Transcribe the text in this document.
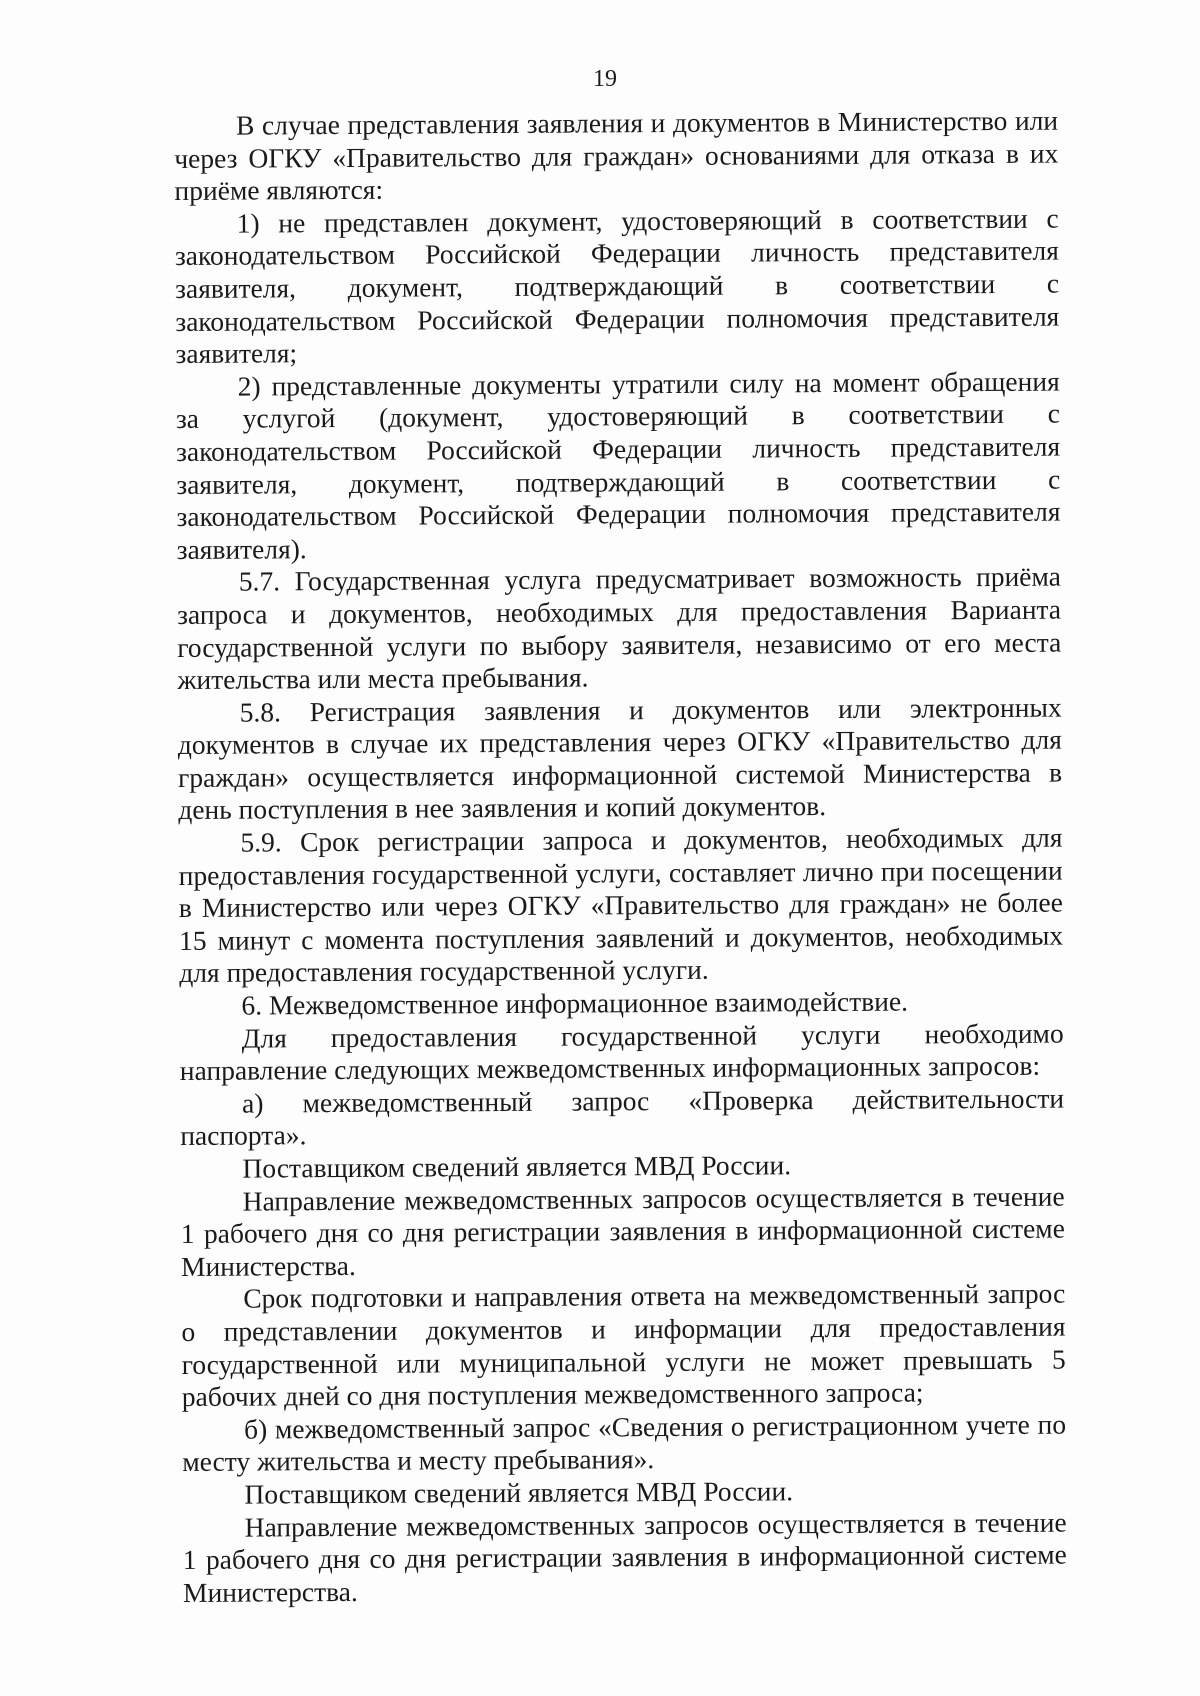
19

В случае представления заявления и документов в Министерство или через ОГКУ «Правительство для граждан» основаниями для отказа в их приёме являются:

1) не представлен документ, удостоверяющий в соответствии с законодательством Российской Федерации личность представителя заявителя, документ, подтверждающий в соответствии с законодательством Российской Федерации полномочия представителя заявителя;

2) представленные документы утратили силу на момент обращения за услугой (документ, удостоверяющий в соответствии с законодательством Российской Федерации личность представителя заявителя, документ, подтверждающий в соответствии с законодательством Российской Федерации полномочия представителя заявителя).

5.7. Государственная услуга предусматривает возможность приёма запроса и документов, необходимых для предоставления Варианта государственной услуги по выбору заявителя, независимо от его места жительства или места пребывания.

5.8. Регистрация заявления и документов или электронных документов в случае их представления через ОГКУ «Правительство для граждан» осуществляется информационной системой Министерства в день поступления в нее заявления и копий документов.

5.9. Срок регистрации запроса и документов, необходимых для предоставления государственной услуги, составляет лично при посещении в Министерство или через ОГКУ «Правительство для граждан» не более 15 минут с момента поступления заявлений и документов, необходимых для предоставления государственной услуги.

6. Межведомственное информационное взаимодействие.

Для предоставления государственной услуги необходимо направление следующих межведомственных информационных запросов:

а) межведомственный запрос «Проверка действительности паспорта».

Поставщиком сведений является МВД России.

Направление межведомственных запросов осуществляется в течение 1 рабочего дня со дня регистрации заявления в информационной системе Министерства.

Срок подготовки и направления ответа на межведомственный запрос о представлении документов и информации для предоставления государственной или муниципальной услуги не может превышать 5 рабочих дней со дня поступления межведомственного запроса;

б) межведомственный запрос «Сведения о регистрационном учете по месту жительства и месту пребывания».

Поставщиком сведений является МВД России.

Направление межведомственных запросов осуществляется в течение 1 рабочего дня со дня регистрации заявления в информационной системе Министерства.
